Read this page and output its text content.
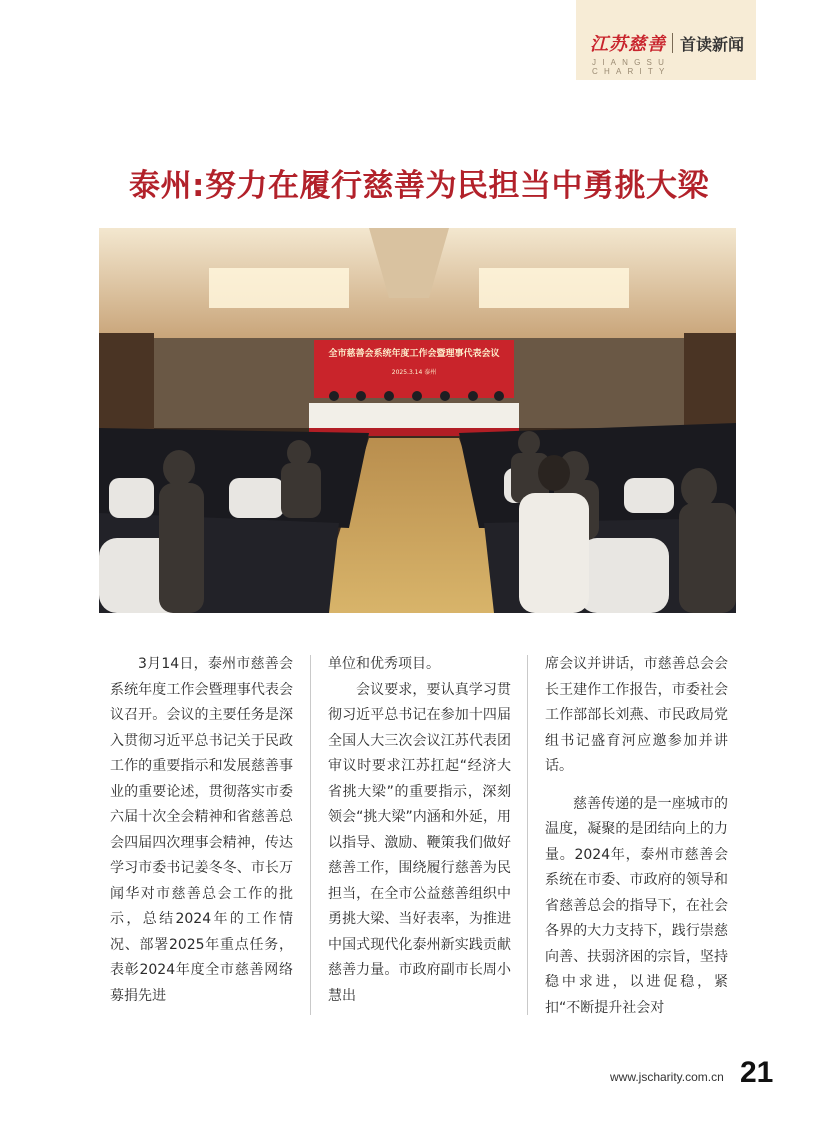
江苏慈善 首读新闻
JIANGSU CHARITY
泰州:努力在履行慈善为民担当中勇挑大梁
全市慈善会系统年度工作会暨理事代表会议
2025.3.14 泰州

3月14日，泰州市慈善会系统年度工作会暨理事代表会议召开。会议的主要任务是深入贯彻习近平总书记关于民政工作的重要指示和发展慈善事业的重要论述，贯彻落实市委六届十次全会精神和省慈善总会四届四次理事会精神，传达学习市委书记姜冬冬、市长万闻华对市慈善总会工作的批示，总结2024年的工作情况、部署2025年重点任务，表彰2024年度全市慈善网络募捐先进

单位和优秀项目。

会议要求，要认真学习贯彻习近平总书记在参加十四届全国人大三次会议江苏代表团审议时要求江苏扛起“经济大省挑大梁”的重要指示，深刻领会“挑大梁”内涵和外延，用以指导、激励、鞭策我们做好慈善工作，围绕履行慈善为民担当，在全市公益慈善组织中勇挑大梁、当好表率，为推进中国式现代化泰州新实践贡献慈善力量。市政府副市长周小慧出

席会议并讲话，市慈善总会会长王建作工作报告，市委社会工作部部长刘燕、市民政局党组书记盛育河应邀参加并讲话。

慈善传递的是一座城市的温度，凝聚的是团结向上的力量。2024年，泰州市慈善会系统在市委、市政府的领导和省慈善总会的指导下，在社会各界的大力支持下，践行崇慈向善、扶弱济困的宗旨，坚持稳中求进，以进促稳，紧扣“不断提升社会对

www.jscharity.com.cn 21
